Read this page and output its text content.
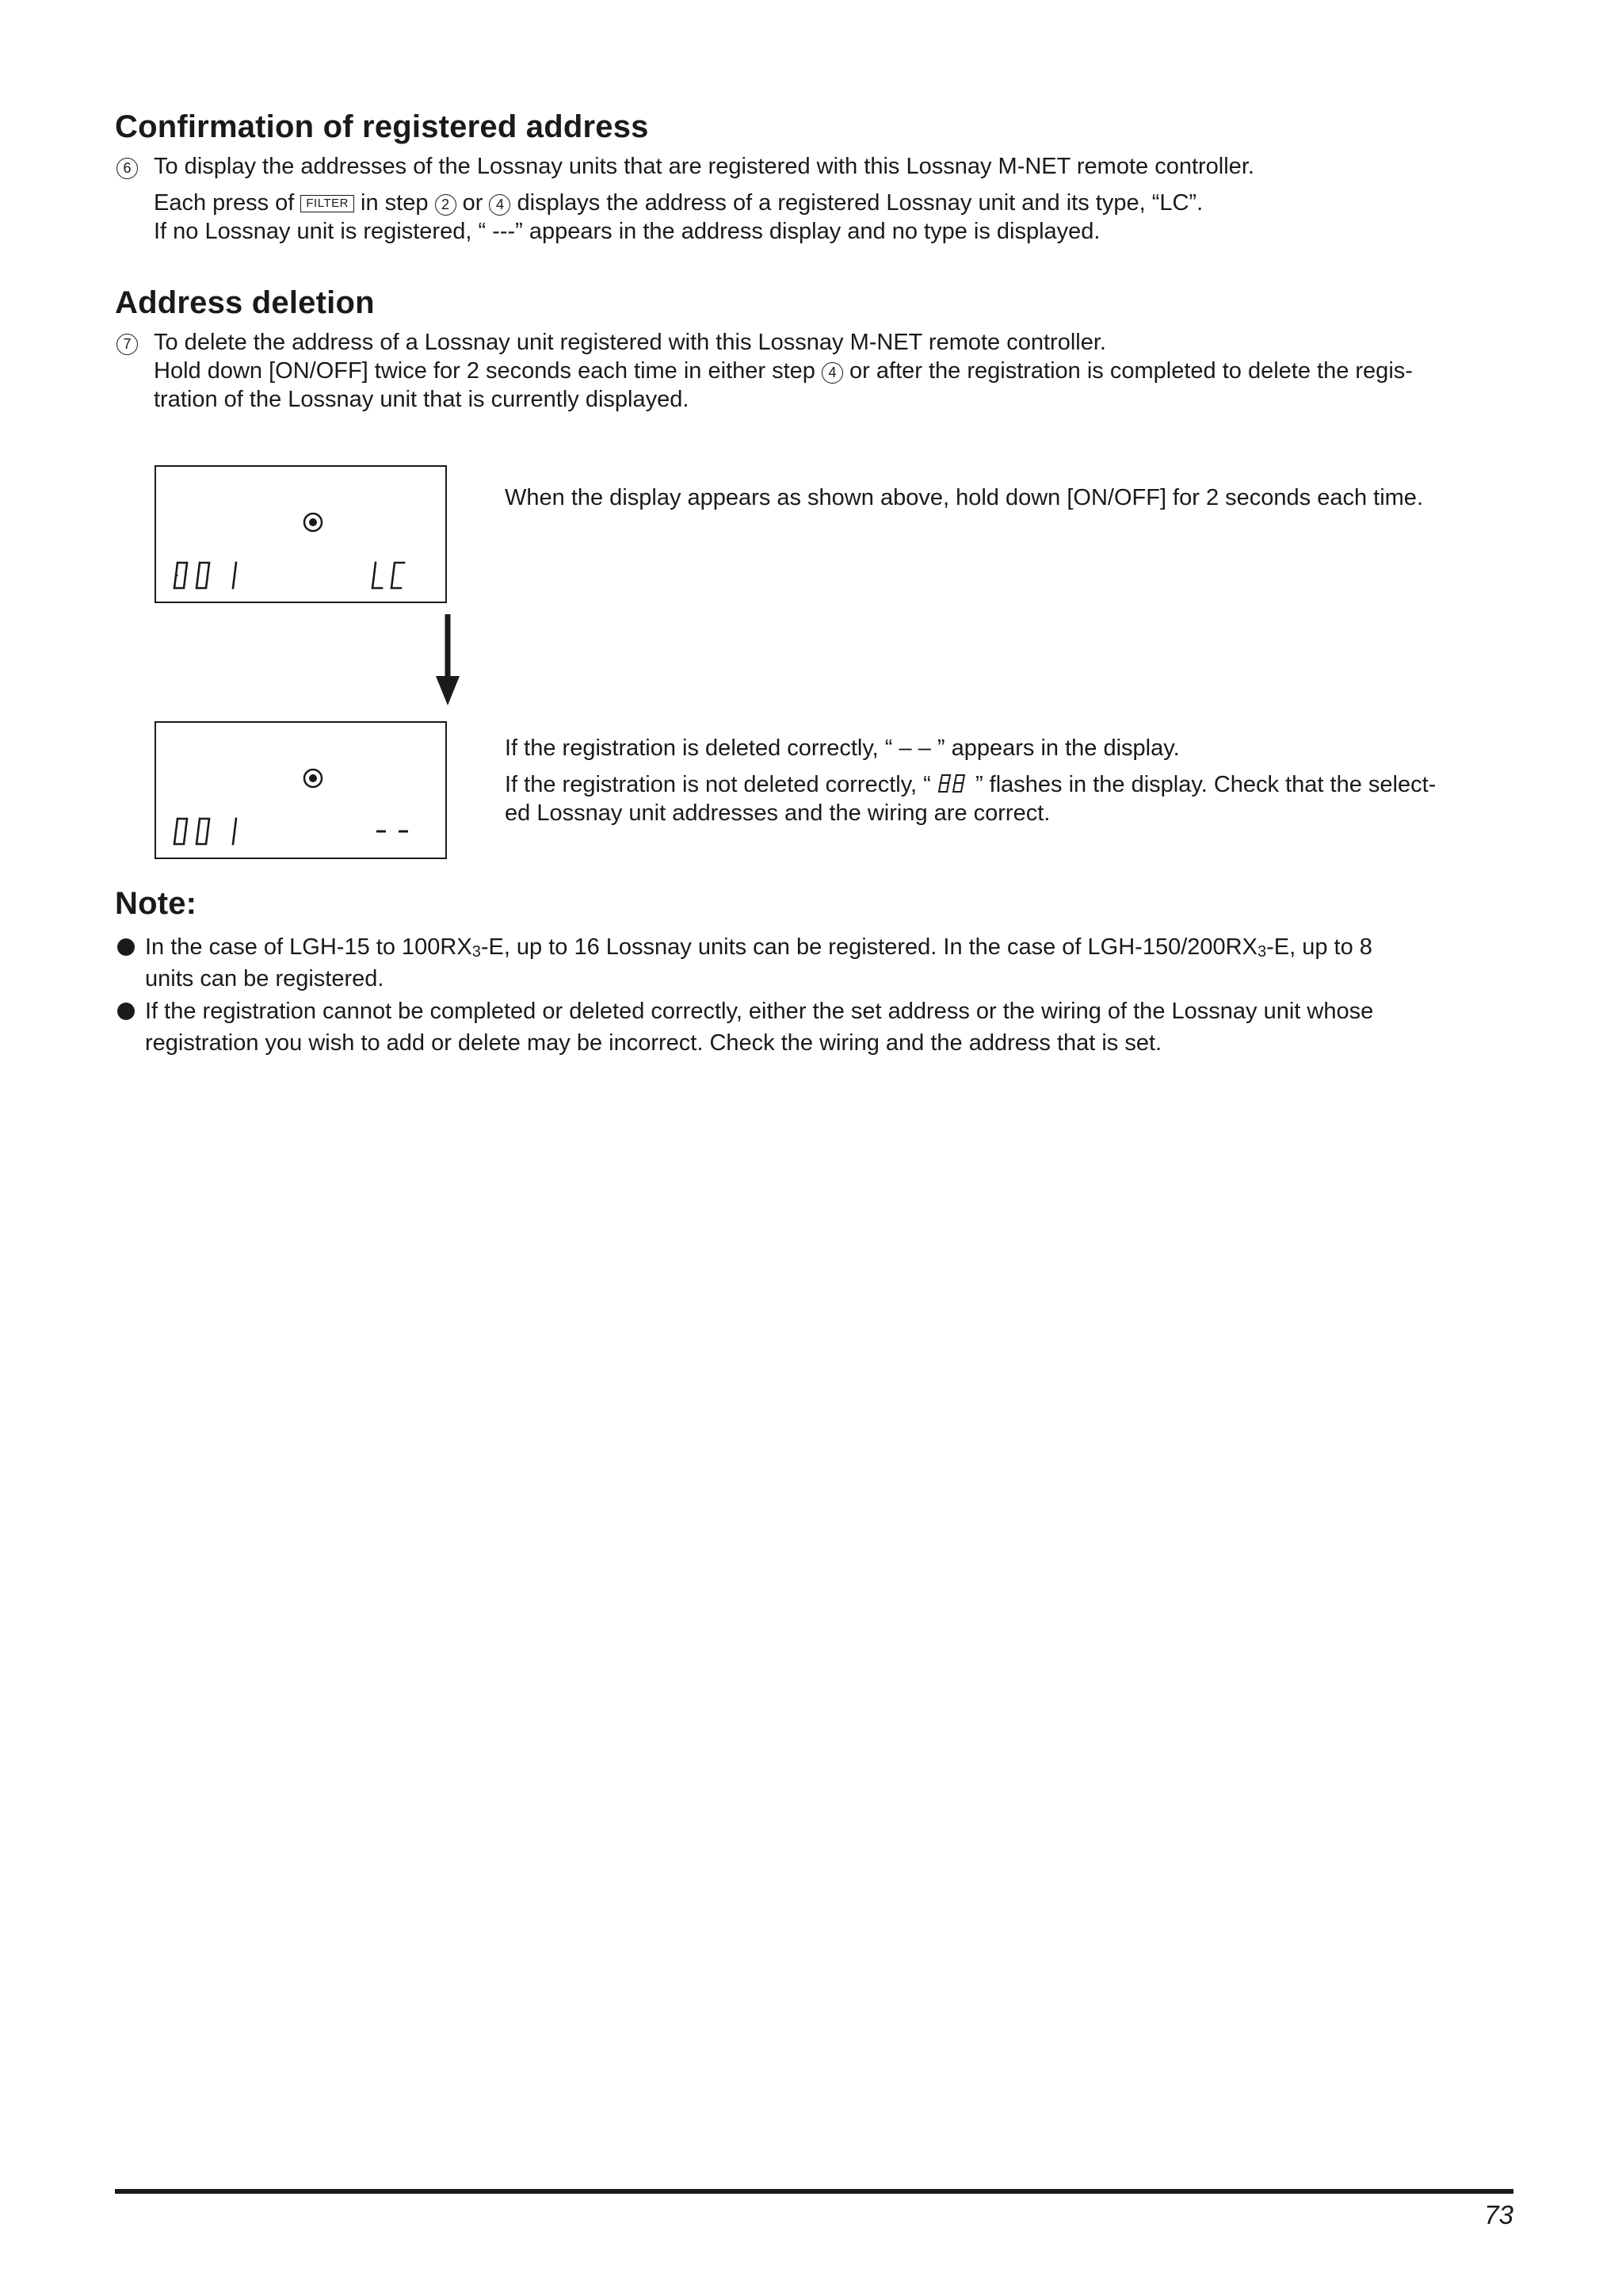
Confirmation of registered address
6 To display the addresses of the Lossnay units that are registered with this Lossnay M-NET remote controller.

Each press of FILTER in step 2 or 4 displays the address of a registered Lossnay unit and its type, “LC”.

If no Lossnay unit is registered, “ ---” appears in the address display and no type is displayed.

Address deletion
7 To delete the address of a Lossnay unit registered with this Lossnay M-NET remote controller.

Hold down [ON/OFF] twice for 2 seconds each time in either step 4 or after the registration is completed to delete the regis-

tration of the Lossnay unit that is currently displayed.

When the display appears as shown above, hold down [ON/OFF] for 2 seconds each time.

If the registration is deleted correctly, “ – – ” appears in the display.

If the registration is not deleted correctly, “ ” flashes in the display. Check that the select-

ed Lossnay unit addresses and the wiring are correct.

Note:

In the case of LGH-15 to 100RX3-E, up to 16 Lossnay units can be registered. In the case of LGH-150/200RX3-E, up to 8

units can be registered.

If the registration cannot be completed or deleted correctly, either the set address or the wiring of the Lossnay unit whose

registration you wish to add or delete may be incorrect. Check the wiring and the address that is set.

73
